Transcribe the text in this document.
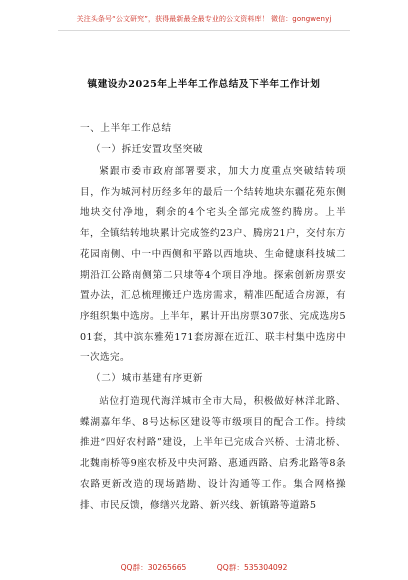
关注头条号“公文研究”，获得最新最全最专业的公文资料库！ 微信：gongwenyj
镇建设办2025年上半年工作总结及下半年工作计划
一、上半年工作总结
（一）拆迁安置攻坚突破

紧跟市委市政府部署要求，加大力度重点突破结转项目，作为城河村历经多年的最后一个结转地块东疆花苑东侧地块交付净地，剩余的4个宅头全部完成签约腾房。上半年，全镇结转地块累计完成签约23户、腾房21户，交付东方花园南侧、中一中西侧和平路以西地块、生命健康科技城二期沿江公路南侧第二只埭等4个项目净地。探索创新房票安置办法，汇总梳理搬迁户选房需求，精准匹配适合房源，有序组织集中选房。上半年，累计开出房票307张、完成选房501套，其中滨东雅苑171套房源在近江、联丰村集中选房中一次选完。

（二）城市基建有序更新

站位打造现代海洋城市全市大局，积极做好林洋北路、蝶湖嘉年华、8号达标区建设等市级项目的配合工作。持续推进“四好农村路”建设，上半年已完成合兴桥、士清北桥、北魏南桥等9座农桥及中央河路、惠通西路、启秀北路等8条农路更新改造的现场踏勘、设计沟通等工作。集合网格操排、市民反馈，修缮兴龙路、新兴线、新镇路等道路5

QQ群：30265665	QQ群：535304092
